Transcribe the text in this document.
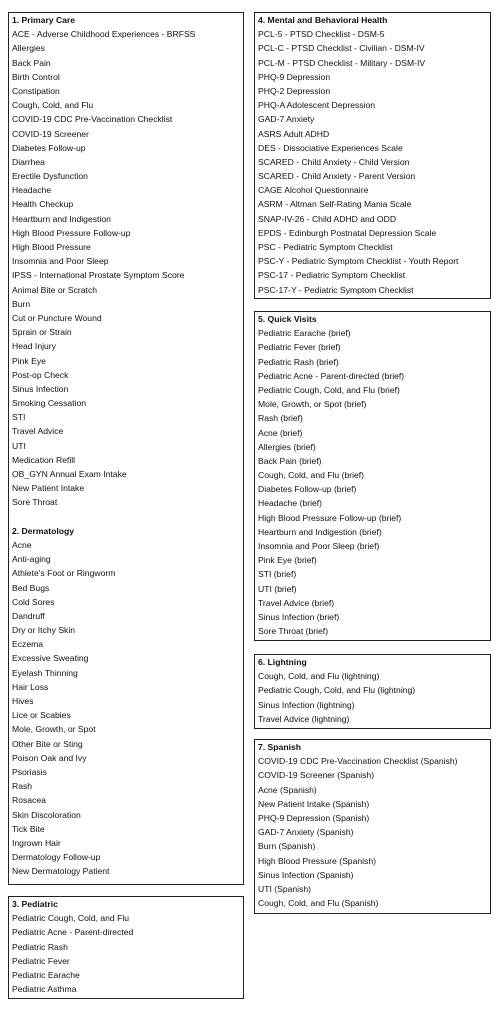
1. Primary Care
ACE - Adverse Childhood Experiences - BRFSS
Allergies
Back Pain
Birth Control
Constipation
Cough, Cold, and Flu
COVID-19 CDC Pre-Vaccination Checklist
COVID-19 Screener
Diabetes Follow-up
Diarrhea
Erectile Dysfunction
Headache
Health Checkup
Heartburn and Indigestion
High Blood Pressure Follow-up
High Blood Pressure
Insomnia and Poor Sleep
IPSS - International Prostate Symptom Score
Animal Bite or Scratch
Burn
Cut or Puncture Wound
Sprain or Strain
Head Injury
Pink Eye
Post-op Check
Sinus Infection
Smoking Cessation
STI
Travel Advice
UTI
Medication Refill
OB_GYN Annual Exam Intake
New Patient Intake
Sore Throat
2. Dermatology
Acne
Anti-aging
Athlete's Foot or Ringworm
Bed Bugs
Cold Sores
Dandruff
Dry or Itchy Skin
Eczema
Excessive Sweating
Eyelash Thinning
Hair Loss
Hives
Lice or Scabies
Mole, Growth, or Spot
Other Bite or Sting
Poison Oak and Ivy
Psoriasis
Rash
Rosacea
Skin Discoloration
Tick Bite
Ingrown Hair
Dermatology Follow-up
New Dermatology Patient
3. Pediatric
Pediatric Cough, Cold, and Flu
Pediatric Acne - Parent-directed
Pediatric Rash
Pediatric Fever
Pediatric Earache
Pediatric Asthma
4. Mental and Behavioral Health
PCL-5 - PTSD Checklist - DSM-5
PCL-C - PTSD Checklist - Civilian - DSM-IV
PCL-M - PTSD Checklist - Military - DSM-IV
PHQ-9 Depression
PHQ-2 Depression
PHQ-A Adolescent Depression
GAD-7 Anxiety
ASRS Adult ADHD
DES - Dissociative Experiences Scale
SCARED - Child Anxiety - Child Version
SCARED - Child Anxiety - Parent Version
CAGE Alcohol Questionnaire
ASRM - Altman Self-Rating Mania Scale
SNAP-IV-26 - Child ADHD and ODD
EPDS - Edinburgh Postnatal Depression Scale
PSC - Pediatric Symptom Checklist
PSC-Y - Pediatric Symptom Checklist - Youth Report
PSC-17 - Pediatric Symptom Checklist
PSC-17-Y - Pediatric Symptom Checklist
5. Quick Visits
Pediatric Earache (brief)
Pediatric Fever (brief)
Pediatric Rash (brief)
Pediatric Acne - Parent-directed (brief)
Pediatric Cough, Cold, and Flu (brief)
Mole, Growth, or Spot (brief)
Rash (brief)
Acne (brief)
Allergies (brief)
Back Pain (brief)
Cough, Cold, and Flu (brief)
Diabetes Follow-up (brief)
Headache (brief)
High Blood Pressure Follow-up (brief)
Heartburn and Indigestion (brief)
Insomnia and Poor Sleep (brief)
Pink Eye (brief)
STI (brief)
UTI (brief)
Travel Advice (brief)
Sinus Infection (brief)
Sore Throat (brief)
6. Lightning
Cough, Cold, and Flu (lightning)
Pediatric Cough, Cold, and Flu (lightning)
Sinus Infection (lightning)
Travel Advice (lightning)
7. Spanish
COVID-19 CDC Pre-Vaccination Checklist (Spanish)
COVID-19 Screener (Spanish)
Acne (Spanish)
New Patient Intake (Spanish)
PHQ-9 Depression (Spanish)
GAD-7 Anxiety (Spanish)
Burn (Spanish)
High Blood Pressure (Spanish)
Sinus Infection (Spanish)
UTI (Spanish)
Cough, Cold, and Flu (Spanish)
